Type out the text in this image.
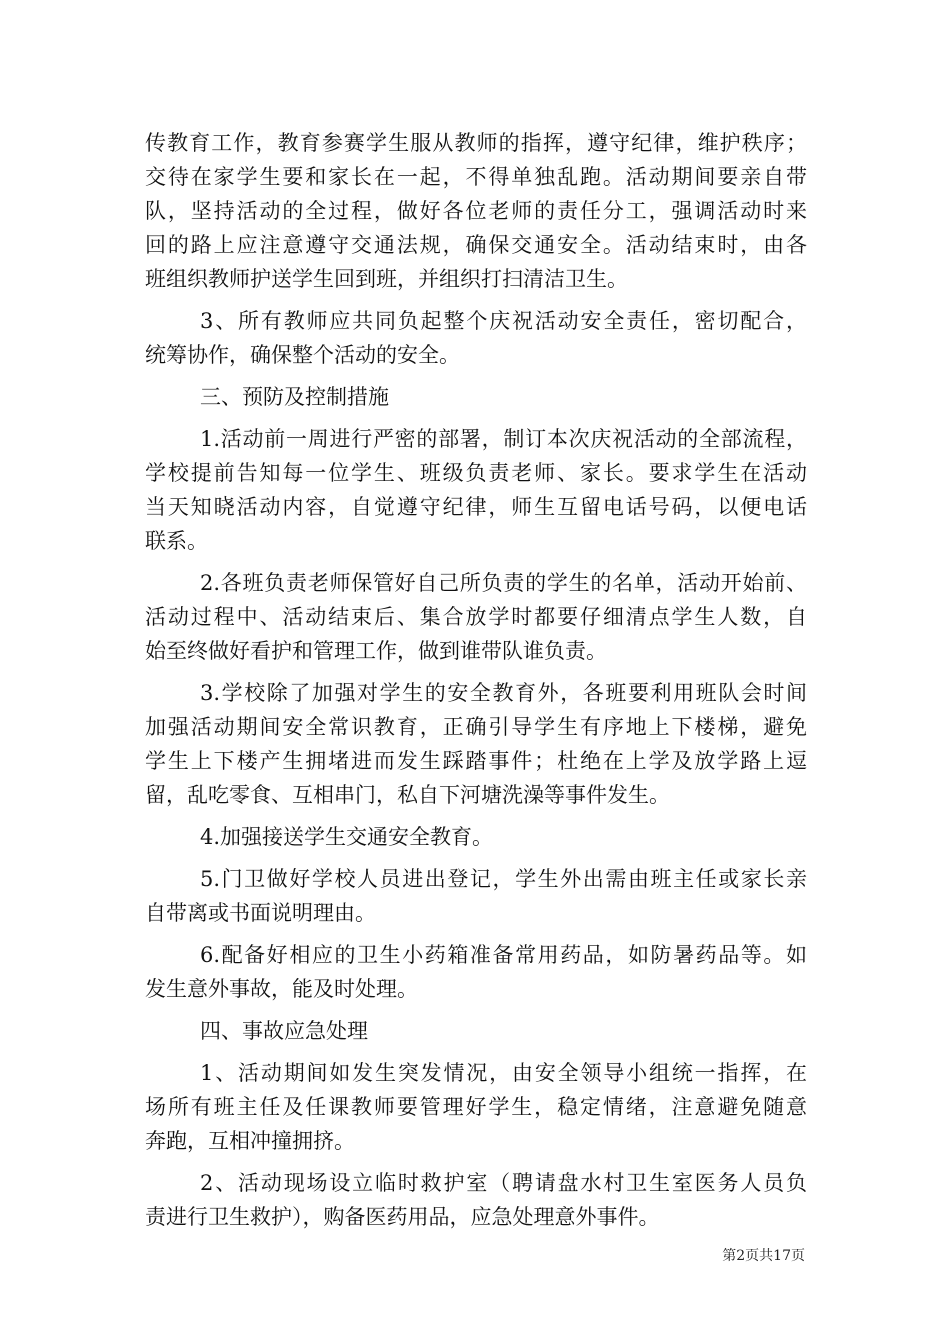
传教育工作，教育参赛学生服从教师的指挥，遵守纪律，维护秩序；
交待在家学生要和家长在一起，不得单独乱跑。活动期间要亲自带
队，坚持活动的全过程，做好各位老师的责任分工，强调活动时来
回的路上应注意遵守交通法规，确保交通安全。活动结束时，由各
班组织教师护送学生回到班，并组织打扫清洁卫生。
3、所有教师应共同负起整个庆祝活动安全责任，密切配合，
统筹协作，确保整个活动的安全。
三、预防及控制措施
1.活动前一周进行严密的部署，制订本次庆祝活动的全部流程，
学校提前告知每一位学生、班级负责老师、家长。要求学生在活动
当天知晓活动内容，自觉遵守纪律，师生互留电话号码，以便电话
联系。
2.各班负责老师保管好自己所负责的学生的名单，活动开始前、
活动过程中、活动结束后、集合放学时都要仔细清点学生人数，自
始至终做好看护和管理工作，做到谁带队谁负责。
3.学校除了加强对学生的安全教育外，各班要利用班队会时间
加强活动期间安全常识教育，正确引导学生有序地上下楼梯，避免
学生上下楼产生拥堵进而发生踩踏事件；杜绝在上学及放学路上逗
留，乱吃零食、互相串门，私自下河塘洗澡等事件发生。
4.加强接送学生交通安全教育。
5.门卫做好学校人员进出登记，学生外出需由班主任或家长亲
自带离或书面说明理由。
6.配备好相应的卫生小药箱准备常用药品，如防暑药品等。如
发生意外事故，能及时处理。
四、事故应急处理
1、活动期间如发生突发情况，由安全领导小组统一指挥，在
场所有班主任及任课教师要管理好学生，稳定情绪，注意避免随意
奔跑，互相冲撞拥挤。
2、活动现场设立临时救护室（聘请盘水村卫生室医务人员负
责进行卫生救护），购备医药用品，应急处理意外事件。
第2页共17页
